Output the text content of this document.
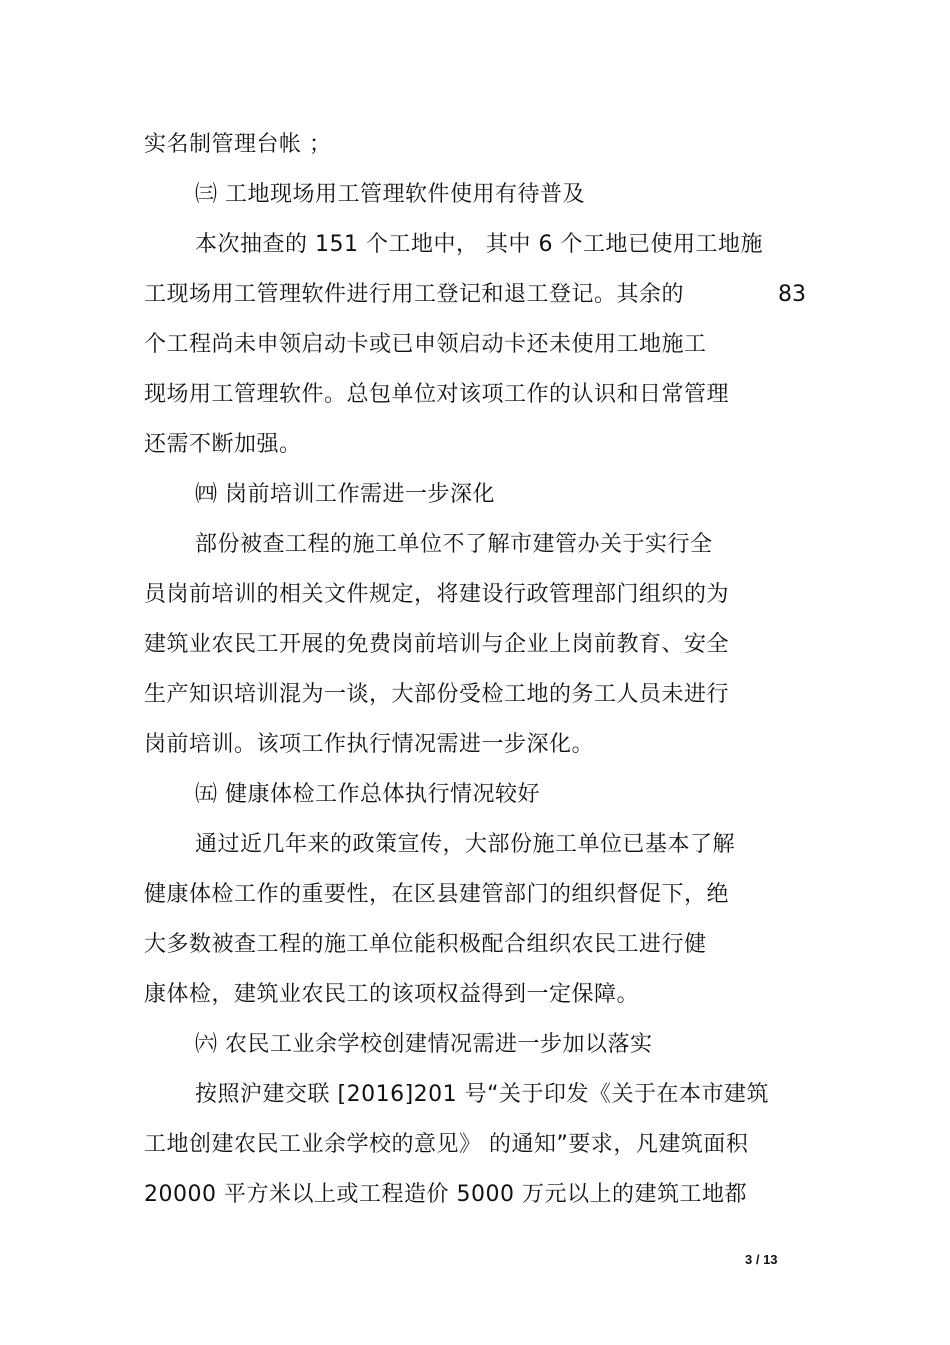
实名制管理台帐 ；
㈢ 工地现场用工管理软件使用有待普及
本次抽查的 151 个工地中， 其中 6 个工地已使用工地施
工现场用工管理软件进行用工登记和退工登记。其余的	83
个工程尚未申领启动卡或已申领启动卡还未使用工地施工
现场用工管理软件。总包单位对该项工作的认识和日常管理
还需不断加强。
㈣ 岗前培训工作需进一步深化
部份被查工程的施工单位不了解市建管办关于实行全
员岗前培训的相关文件规定，将建设行政管理部门组织的为
建筑业农民工开展的免费岗前培训与企业上岗前教育、安全
生产知识培训混为一谈，大部份受检工地的务工人员未进行
岗前培训。该项工作执行情况需进一步深化。
㈤ 健康体检工作总体执行情况较好
通过近几年来的政策宣传，大部份施工单位已基本了解
健康体检工作的重要性，在区县建管部门的组织督促下，绝
大多数被查工程的施工单位能积极配合组织农民工进行健
康体检，建筑业农民工的该项权益得到一定保障。
㈥ 农民工业余学校创建情况需进一步加以落实
按照沪建交联 [2016]201 号“关于印发《关于在本市建筑
工地创建农民工业余学校的意见》 的通知”要求，凡建筑面积
20000 平方米以上或工程造价 5000 万元以上的建筑工地都
3 / 13
